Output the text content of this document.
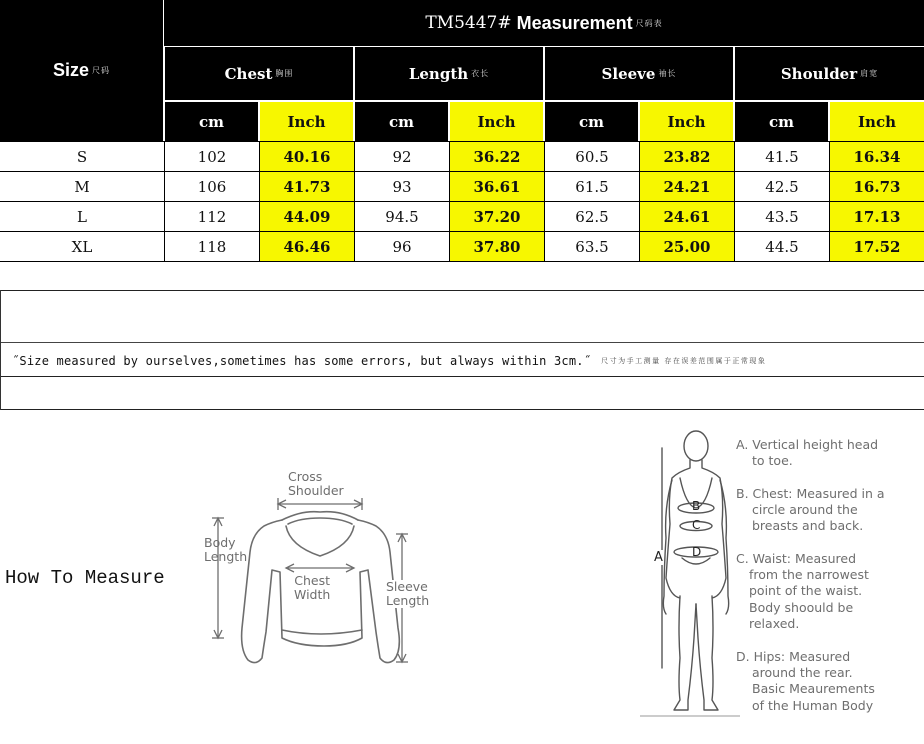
Size 尺码
TM5447# Measurement 尺码表
Chest 胸围	Length 衣长	Sleeve 袖长	Shoulder 肩宽
cm	Inch	cm	Inch	cm	Inch	cm	Inch
S	102	40.16	92	36.22	60.5	23.82	41.5	16.34
M	106	41.73	93	36.61	61.5	24.21	42.5	16.73
L	112	44.09	94.5	37.20	62.5	24.61	43.5	17.13
XL	118	46.46	96	37.80	63.5	25.00	44.5	17.52
˝Size measured by ourselves,sometimes has some errors, but always within 3cm.˝ 尺寸为手工测量 存在误差范围属于正常现象
How To Measure
Cross
Shoulder
Body
Length
Chest
Width
Sleeve
Length
A
B
C
D
A. Vertical height head
to toe.
B. Chest: Measured in a
circle around the
breasts and back.
C. Waist: Measured
from the narrowest
point of the waist.
Body shoould be
relaxed.
D. Hips: Measured
around the rear.
Basic Meaurements
of the Human Body
